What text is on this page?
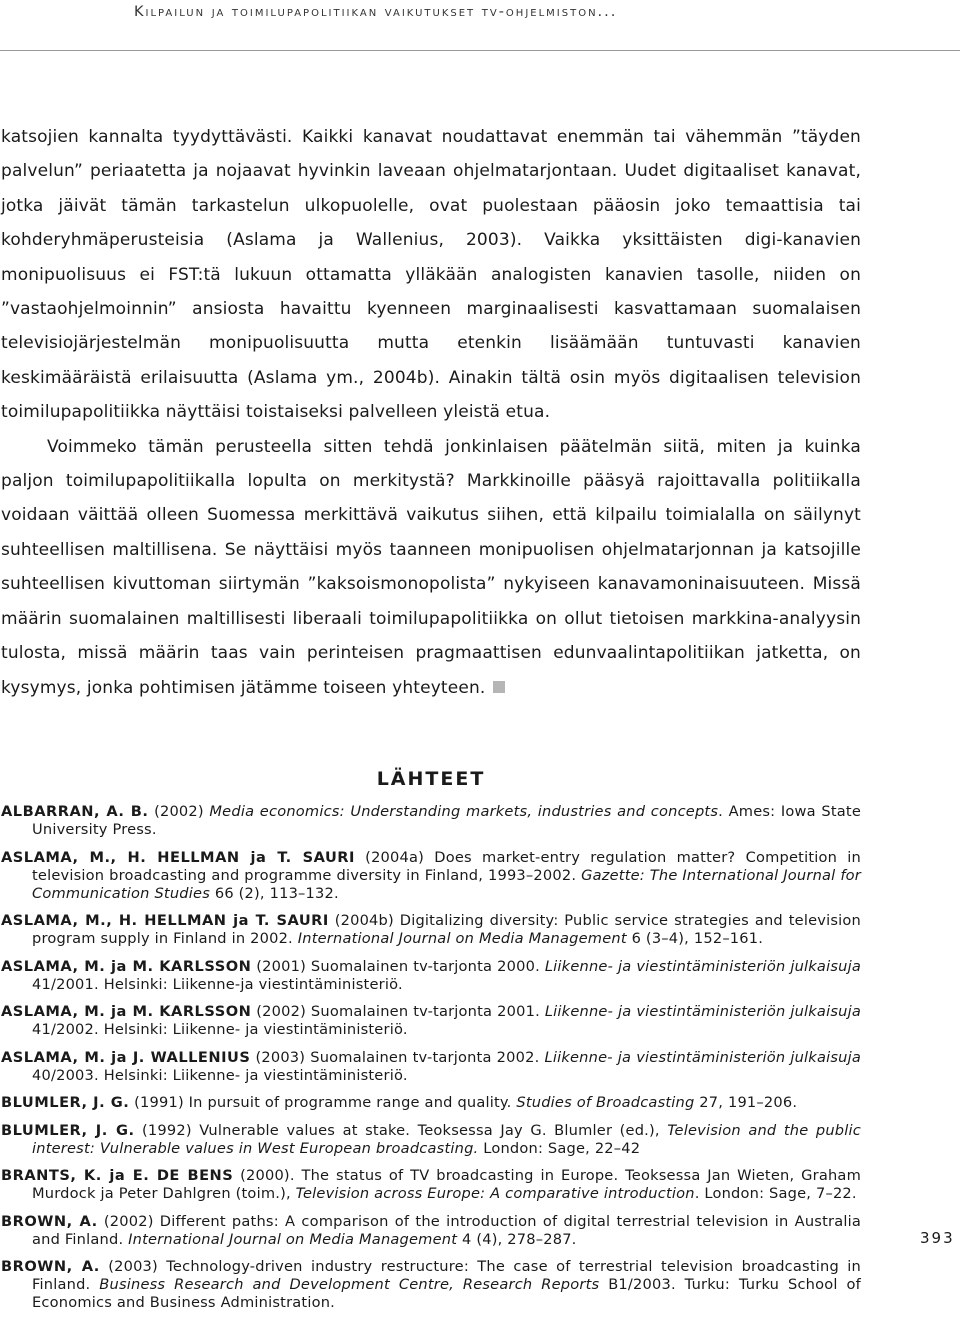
Kilpailun ja toimilupapolitiikan vaikutukset tv-ohjelmiston...

katsojien kannalta tyydyttävästi. Kaikki kanavat noudattavat enemmän tai vähemmän ”täyden palvelun” periaatetta ja nojaavat hyvinkin laveaan ohjelmatarjontaan. Uudet digitaaliset kanavat, jotka jäivät tämän tarkastelun ulkopuolelle, ovat puolestaan pääosin joko temaattisia tai kohderyhmäperusteisia (Aslama ja Wallenius, 2003). Vaikka yksittäisten digi-kanavien monipuolisuus ei FST:tä lukuun ottamatta ylläkään analogisten kanavien tasolle, niiden on ”vastaohjelmoinnin” ansiosta havaittu kyenneen marginaalisesti kasvattamaan suomalaisen televisiojärjestelmän monipuolisuutta mutta etenkin lisäämään tuntuvasti kanavien keskimääräistä erilaisuutta (Aslama ym., 2004b). Ainakin tältä osin myös digitaalisen television toimilupapolitiikka näyttäisi toistaiseksi palvelleen yleistä etua.

Voimmeko tämän perusteella sitten tehdä jonkinlaisen päätelmän siitä, miten ja kuinka paljon toimilupapolitiikalla lopulta on merkitystä? Markkinoille pääsyä rajoittavalla politiikalla voidaan väittää olleen Suomessa merkittävä vaikutus siihen, että kilpailu toimialalla on säilynyt suhteellisen maltillisena. Se näyttäisi myös taanneen monipuolisen ohjelmatarjonnan ja katsojille suhteellisen kivuttoman siirtymän ”kaksoismonopolista” nykyiseen kanavamoninaisuuteen. Missä määrin suomalainen maltillisesti liberaali toimilupapolitiikka on ollut tietoisen markkina-analyysin tulosta, missä määrin taas vain perinteisen pragmaattisen edunvaalintapolitiikan jatketta, on kysymys, jonka pohtimisen jätämme toiseen yhteyteen.

LÄHTEET

ALBARRAN, A. B. (2002) Media economics: Understanding markets, industries and concepts. Ames: Iowa State University Press.

ASLAMA, M., H. HELLMAN ja T. SAURI (2004a) Does market-entry regulation matter? Competition in television broadcasting and programme diversity in Finland, 1993–2002. Gazette: The International Journal for Communication Studies 66 (2), 113–132.

ASLAMA, M., H. HELLMAN ja T. SAURI (2004b) Digitalizing diversity: Public service strategies and television program supply in Finland in 2002. International Journal on Media Management 6 (3–4), 152–161.

ASLAMA, M. ja M. KARLSSON (2001) Suomalainen tv-tarjonta 2000. Liikenne- ja viestintäministeriön julkaisuja 41/2001. Helsinki: Liikenne-ja viestintäministeriö.

ASLAMA, M. ja M. KARLSSON (2002) Suomalainen tv-tarjonta 2001. Liikenne- ja viestintäministeriön julkaisuja 41/2002. Helsinki: Liikenne- ja viestintäministeriö.

ASLAMA, M. ja J. WALLENIUS (2003) Suomalainen tv-tarjonta 2002. Liikenne- ja viestintäministeriön julkaisuja 40/2003. Helsinki: Liikenne- ja viestintäministeriö.

BLUMLER, J. G. (1991) In pursuit of programme range and quality. Studies of Broadcasting 27, 191–206.

BLUMLER, J. G. (1992) Vulnerable values at stake. Teoksessa Jay G. Blumler (ed.), Television and the public interest: Vulnerable values in West European broadcasting. London: Sage, 22–42

BRANTS, K. ja E. DE BENS (2000). The status of TV broadcasting in Europe. Teoksessa Jan Wieten, Graham Murdock ja Peter Dahlgren (toim.), Television across Europe: A comparative introduction. London: Sage, 7–22.

BROWN, A. (2002) Different paths: A comparison of the introduction of digital terrestrial television in Australia and Finland. International Journal on Media Management 4 (4), 278–287.

BROWN, A. (2003) Technology-driven industry restructure: The case of terrestrial television broadcasting in Finland. Business Research and Development Centre, Research Reports B1/2003. Turku: Turku School of Economics and Business Administration.

393
